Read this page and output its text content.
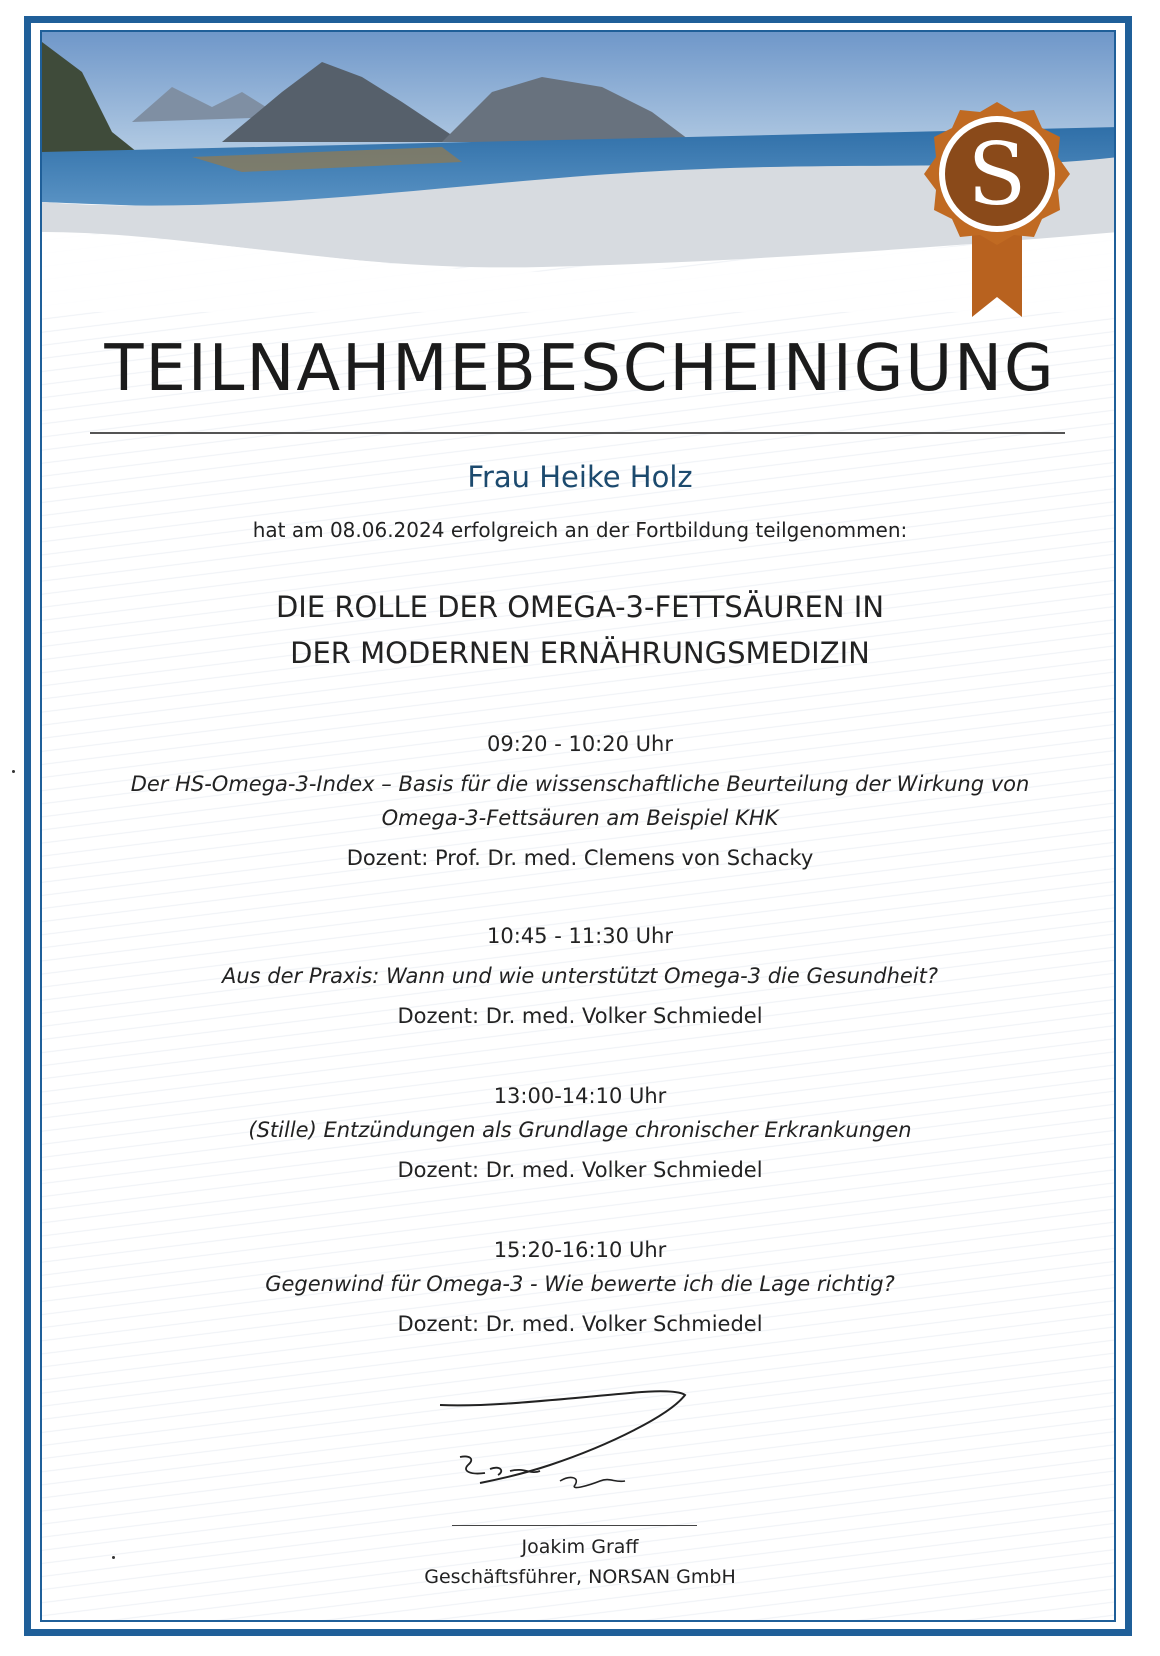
S
TEILNAHMEBESCHEINIGUNG
Frau Heike Holz
hat am 08.06.2024 erfolgreich an der Fortbildung teilgenommen:
DIE ROLLE DER OMEGA-3-FETTSÄUREN IN
DER MODERNEN ERNÄHRUNGSMEDIZIN
09:20 - 10:20 Uhr
Der HS-Omega-3-Index – Basis für die wissenschaftliche Beurteilung der Wirkung von
Omega-3-Fettsäuren am Beispiel KHK
Dozent: Prof. Dr. med. Clemens von Schacky
10:45 - 11:30 Uhr
Aus der Praxis: Wann und wie unterstützt Omega-3 die Gesundheit?
Dozent: Dr. med. Volker Schmiedel
13:00-14:10 Uhr
(Stille) Entzündungen als Grundlage chronischer Erkrankungen
Dozent: Dr. med. Volker Schmiedel
15:20-16:10 Uhr
Gegenwind für Omega-3 - Wie bewerte ich die Lage richtig?
Dozent: Dr. med. Volker Schmiedel
Joakim Graff
Geschäftsführer, NORSAN GmbH
